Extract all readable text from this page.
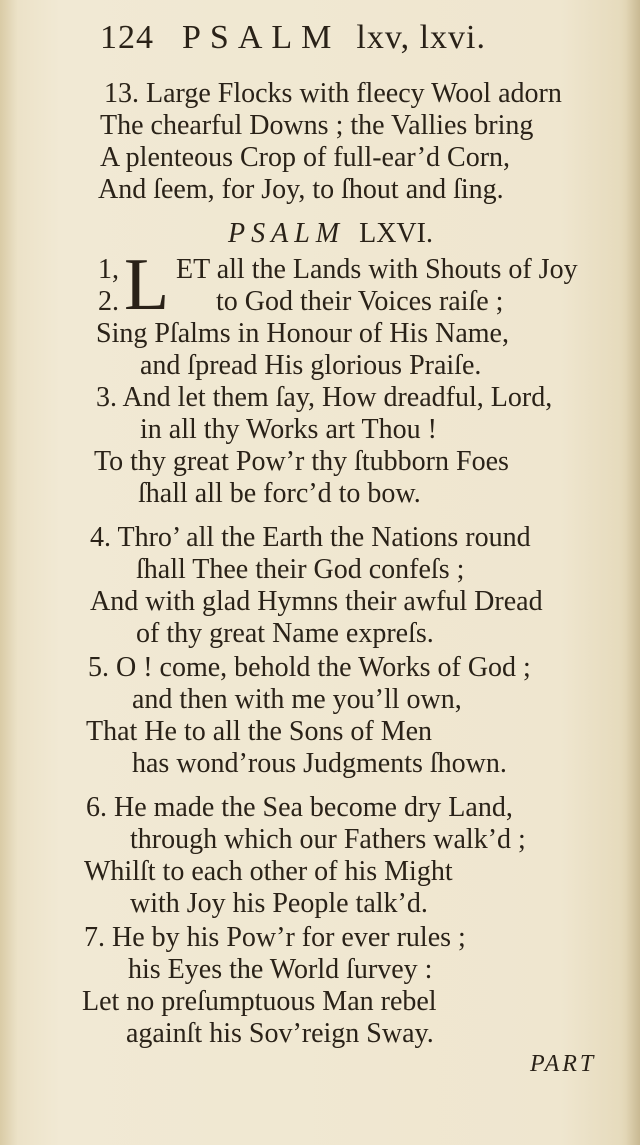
124 PSALM lxv, lxvi.
13. Large Flocks with fleecy Wool adorn
The chearful Downs ; the Vallies bring
A plenteous Crop of full-ear’d Corn,
And ſeem, for Joy, to ſhout and ſing.
PSALM LXVI.
1,
2. L ET all the Lands with Shouts of Joy
to God their Voices raiſe ;
Sing Pſalms in Honour of His Name,
and ſpread His glorious Praiſe.
3. And let them ſay, How dreadful, Lord,
in all thy Works art Thou !
To thy great Pow’r thy ſtubborn Foes
ſhall all be forc’d to bow.
4. Thro’ all the Earth the Nations round
ſhall Thee their God confeſs ;
And with glad Hymns their awful Dread
of thy great Name expreſs.
5. O ! come, behold the Works of God ;
and then with me you’ll own,
That He to all the Sons of Men
has wond’rous Judgments ſhown.
6. He made the Sea become dry Land,
through which our Fathers walk’d ;
Whilſt to each other of his Might
with Joy his People talk’d.
7. He by his Pow’r for ever rules ;
his Eyes the World ſurvey :
Let no preſumptuous Man rebel
againſt his Sov’reign Sway.
PART
